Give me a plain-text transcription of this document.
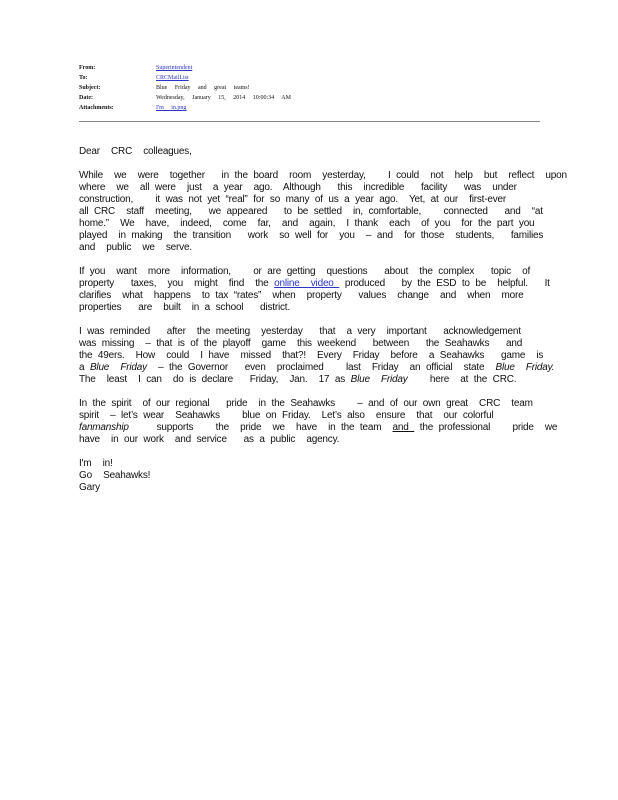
From:	Superintendent
To:	CRCMailList
Subject:	Blue Friday and great teams!
Date:	Wednesday, January 15, 2014 10:00:34 AM
Attachments:	I'm in.png
Dear  CRC  colleagues,
While  we  were  together   in the board  room  yesterday,    I could  not  help  but  reflect  upon
where  we  all were  just  a year  ago.  Although   this  incredible   facility   was  under
construction,    it was not yet “real” for so many of us a year ago.  Yet, at our  first-ever
all CRC  staff  meeting,   we appeared   to be settled  in, comfortable,    connected   and  “at
home.”  We  have,  indeed,  come  far,  and  again,  I thank  each  of you  for the part you
played  in making  the transition   work  so well for  you  – and  for those  students,   families
and  public  we  serve.
If you  want  more  information,    or are getting  questions   about  the complex   topic  of
property   taxes,  you  might  find  the online  video  produced   by the ESD to be  helpful.   It
clarifies  what  happens  to tax “rates”  when  property   values  change  and  when  more
properties   are  built  in a school   district.
I was reminded   after  the meeting  yesterday   that  a very  important   acknowledgement
was missing  – that is of the playoff  game  this weekend   between   the Seahawks   and
the 49ers.  How  could  I have  missed  that?!  Every  Friday  before  a Seahawks   game  is
a Blue  Friday  – the Governor   even  proclaimed    last  Friday  an official  state  Blue  Friday.
The  least  I can  do is declare   Friday,  Jan.  17 as Blue  Friday    here  at the CRC.
In the spirit  of our regional   pride  in the Seahawks    – and of our own great  CRC  team
spirit  – let’s wear  Seahawks    blue on Friday.  Let’s also  ensure  that  our colorful
fanmanship     supports    the  pride  we  have  in the team  and  the professional    pride  we
have  in our work  and service   as a public  agency.
I'm  in!
Go  Seahawks!
Gary
